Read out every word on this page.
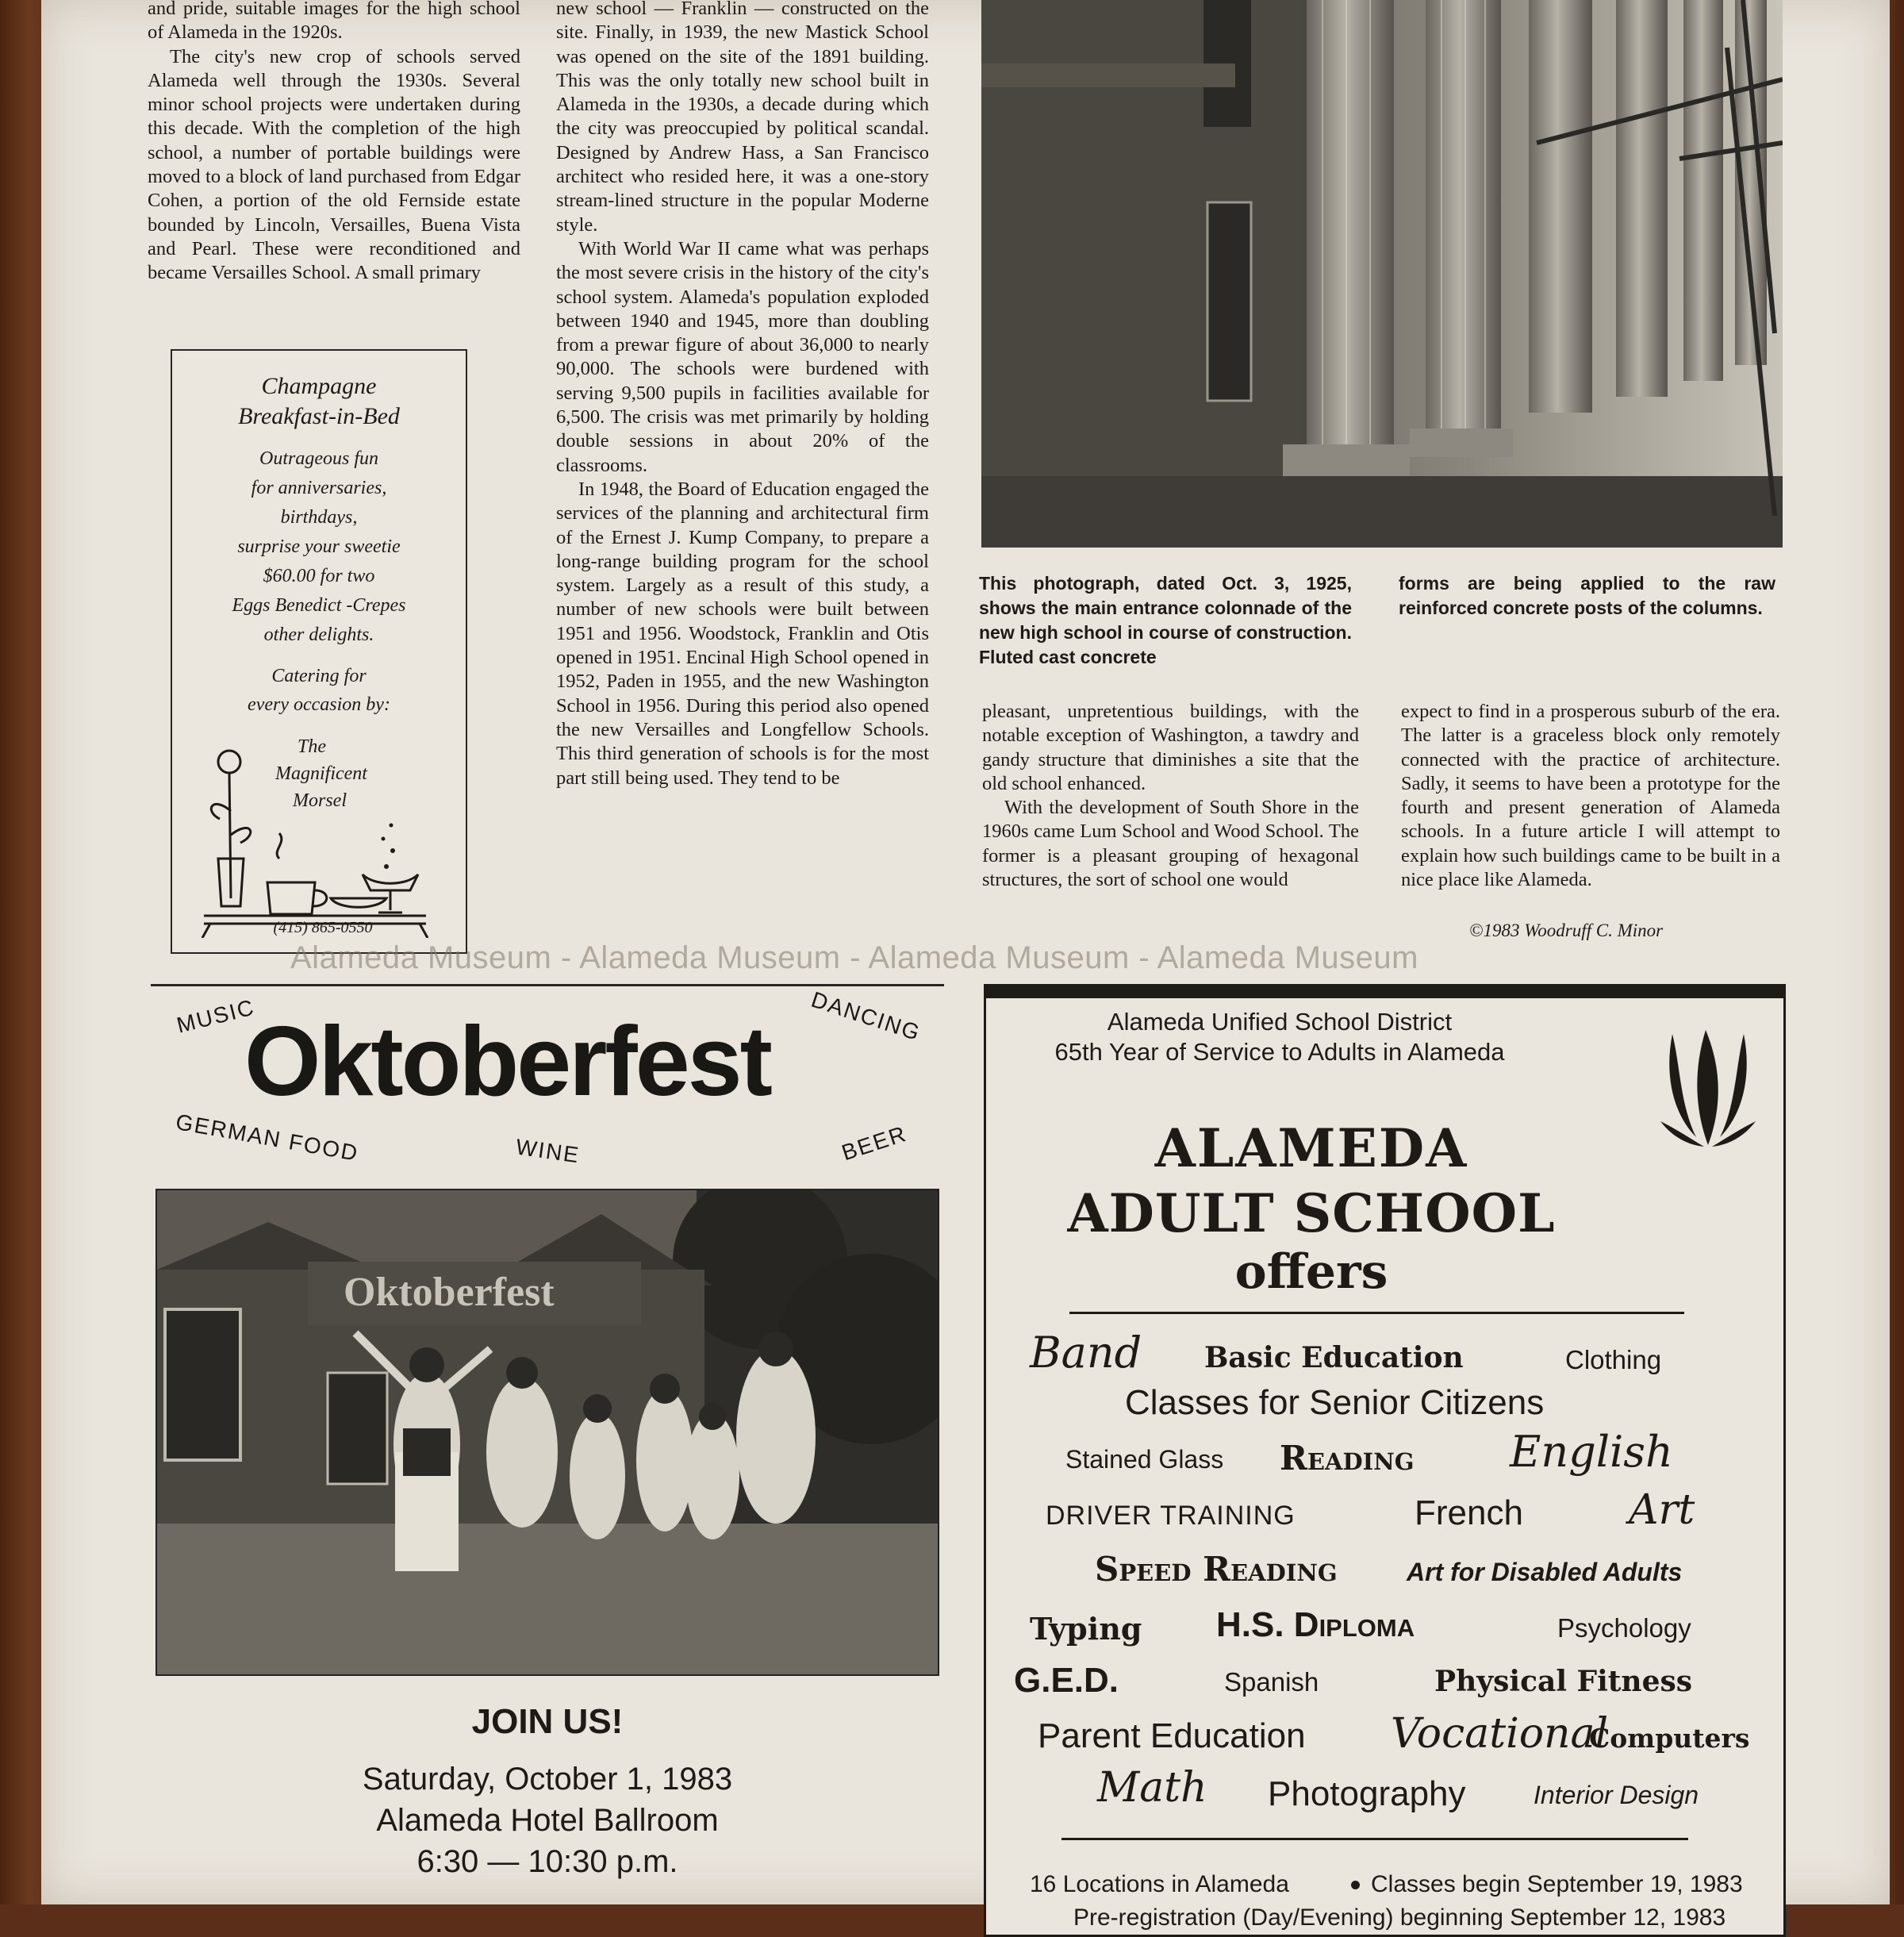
and pride, suitable images for the high school of Alameda in the 1920s.

The city's new crop of schools served Alameda well through the 1930s. Several minor school projects were undertaken during this decade. With the completion of the high school, a number of portable buildings were moved to a block of land purchased from Edgar Cohen, a portion of the old Fernside estate bounded by Lincoln, Versailles, Buena Vista and Pearl. These were reconditioned and became Versailles School. A small primary

Champagne
Breakfast-in-Bed
Outrageous fun
for anniversaries,
birthdays,
surprise your sweetie
$60.00 for two
Eggs Benedict -Crepes
other delights.
Catering for
every occasion by:
The
Magnificent
Morsel
(415) 865-0550

new school — Franklin — constructed on the site. Finally, in 1939, the new Mastick School was opened on the site of the 1891 building. This was the only totally new school built in Alameda in the 1930s, a decade during which the city was preoccupied by political scandal. Designed by Andrew Hass, a San Francisco architect who resided here, it was a one-story stream-lined structure in the popular Moderne style.

With World War II came what was perhaps the most severe crisis in the history of the city's school system. Alameda's population exploded between 1940 and 1945, more than doubling from a prewar figure of about 36,000 to nearly 90,000. The schools were burdened with serving 9,500 pupils in facilities available for 6,500. The crisis was met primarily by holding double sessions in about 20% of the classrooms.

In 1948, the Board of Education engaged the services of the planning and architectural firm of the Ernest J. Kump Company, to prepare a long-range building program for the school system. Largely as a result of this study, a number of new schools were built between 1951 and 1956. Woodstock, Franklin and Otis opened in 1951. Encinal High School opened in 1952, Paden in 1955, and the new Washington School in 1956. During this period also opened the new Versailles and Longfellow Schools. This third generation of schools is for the most part still being used. They tend to be

This photograph, dated Oct. 3, 1925, shows the main entrance colonnade of the new high school in course of construction. Fluted cast concrete
forms are being applied to the raw reinforced concrete posts of the columns.

pleasant, unpretentious buildings, with the notable exception of Washington, a tawdry and gandy structure that diminishes a site that the old school enhanced.

With the development of South Shore in the 1960s came Lum School and Wood School. The former is a pleasant grouping of hexagonal structures, the sort of school one would

expect to find in a prosperous suburb of the era. The latter is a graceless block only remotely connected with the practice of architecture. Sadly, it seems to have been a prototype for the fourth and present generation of Alameda schools. In a future article I will attempt to explain how such buildings came to be built in a nice place like Alameda.

©1983 Woodruff C. Minor
Alameda Museum - Alameda Museum - Alameda Museum - Alameda Museum
MUSIC	DANCING
Oktoberfest
GERMAN FOOD	WINE	BEER
Oktoberfest
JOIN US!
Saturday, October 1, 1983
Alameda Hotel Ballroom
6:30 — 10:30 p.m.
Alameda Unified School District
65th Year of Service to Adults in Alameda
ALAMEDA
ADULT SCHOOL
offers
Band Basic Education	Clothing
Classes for Senior Citizens
Stained Glass Reading English
DRIVER TRAINING	French	Art
Speed Reading	Art for Disabled Adults
Typing H.S. Diploma	Psychology
G.E.D.	Spanish	Physical Fitness
Parent Education Vocational
Computers
Math Photography	Interior Design
16 Locations in Alameda	Classes begin September 19, 1983
Pre-registration (Day/Evening) beginning September 12, 1983
